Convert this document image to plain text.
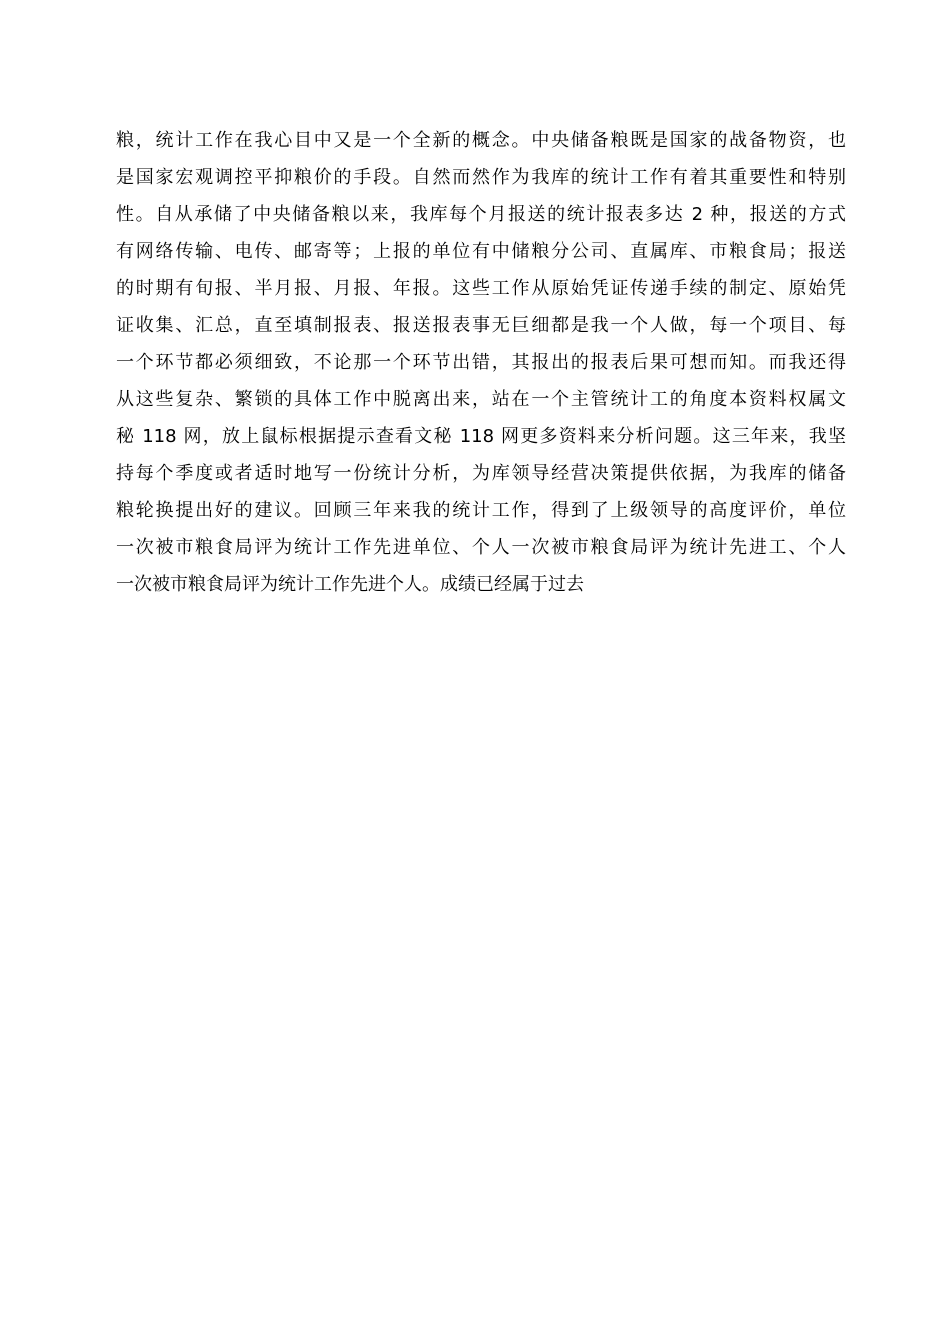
粮，统计工作在我心目中又是一个全新的概念。中央储备粮既是国家的战备物资，也
是国家宏观调控平抑粮价的手段。自然而然作为我库的统计工作有着其重要性和特别
性。自从承储了中央储备粮以来，我库每个月报送的统计报表多达 2 种，报送的方式
有网络传输、电传、邮寄等；上报的单位有中储粮分公司、直属库、市粮食局；报送
的时期有旬报、半月报、月报、年报。这些工作从原始凭证传递手续的制定、原始凭
证收集、汇总，直至填制报表、报送报表事无巨细都是我一个人做，每一个项目、每
一个环节都必须细致，不论那一个环节出错，其报出的报表后果可想而知。而我还得
从这些复杂、繁锁的具体工作中脱离出来，站在一个主管统计工的角度本资料权属文
秘 118 网，放上鼠标根据提示查看文秘 118 网更多资料来分析问题。这三年来，我坚
持每个季度或者适时地写一份统计分析，为库领导经营决策提供依据，为我库的储备
粮轮换提出好的建议。回顾三年来我的统计工作，得到了上级领导的高度评价，单位
一次被市粮食局评为统计工作先进单位、个人一次被市粮食局评为统计先进工、个人
一次被市粮食局评为统计工作先进个人。成绩已经属于过去
